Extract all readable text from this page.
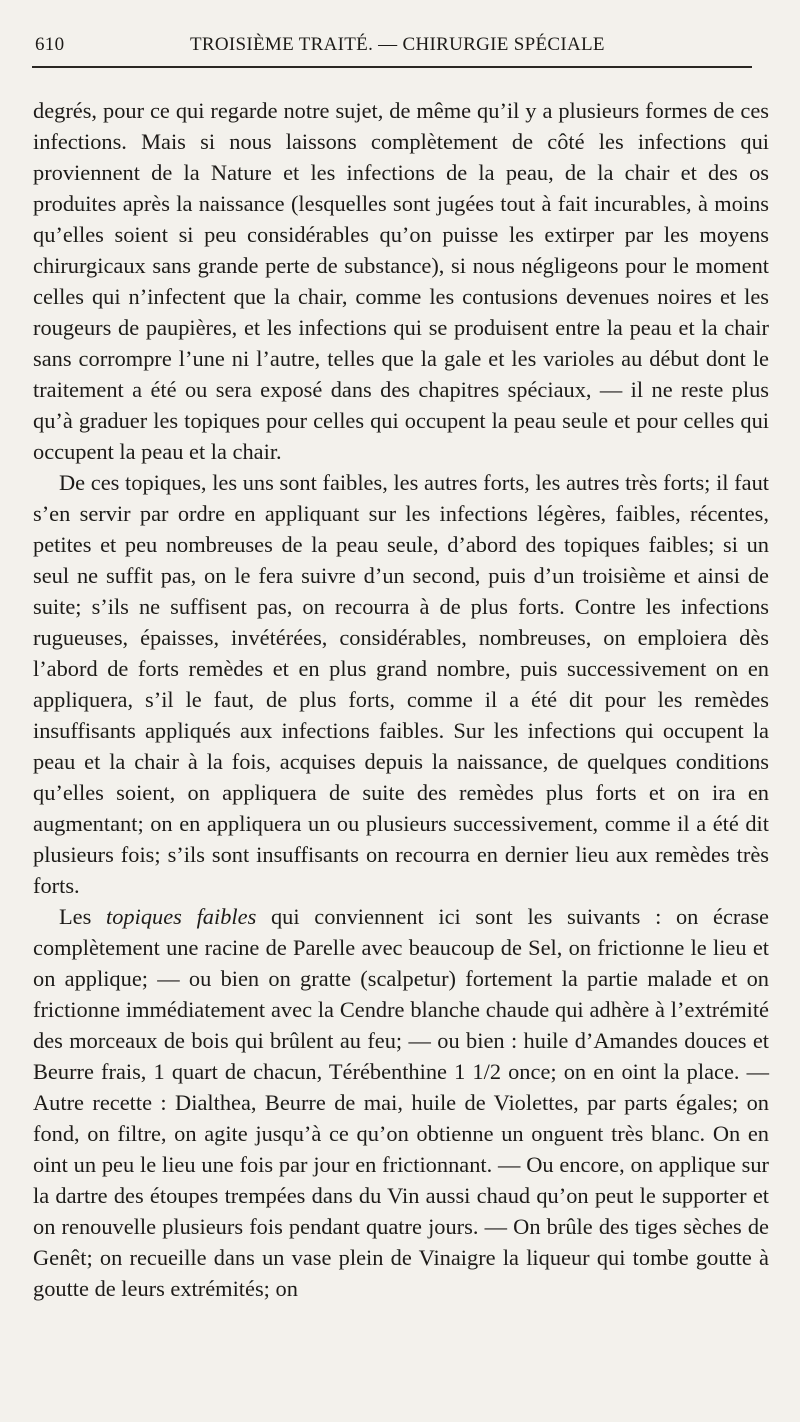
610	TROISIÈME TRAITÉ. — CHIRURGIE SPÉCIALE

degrés, pour ce qui regarde notre sujet, de même qu’il y a plusieurs formes de ces infections. Mais si nous laissons complètement de côté les infections qui proviennent de la Nature et les infections de la peau, de la chair et des os produites après la naissance (lesquelles sont jugées tout à fait incurables, à moins qu’elles soient si peu considérables qu’on puisse les extirper par les moyens chirurgicaux sans grande perte de substance), si nous négligeons pour le moment celles qui n’infectent que la chair, comme les contusions devenues noires et les rougeurs de paupières, et les infections qui se produisent entre la peau et la chair sans corrompre l’une ni l’autre, telles que la gale et les varioles au début dont le traitement a été ou sera exposé dans des chapitres spéciaux, — il ne reste plus qu’à graduer les topiques pour celles qui occupent la peau seule et pour celles qui occupent la peau et la chair.

De ces topiques, les uns sont faibles, les autres forts, les autres très forts; il faut s’en servir par ordre en appliquant sur les infections légères, faibles, récentes, petites et peu nombreuses de la peau seule, d’abord des topiques faibles; si un seul ne suffit pas, on le fera suivre d’un second, puis d’un troisième et ainsi de suite; s’ils ne suffisent pas, on recourra à de plus forts. Contre les infections rugueuses, épaisses, invétérées, considérables, nombreuses, on emploiera dès l’abord de forts remèdes et en plus grand nombre, puis successivement on en appliquera, s’il le faut, de plus forts, comme il a été dit pour les remèdes insuffisants appliqués aux infections faibles. Sur les infections qui occupent la peau et la chair à la fois, acquises depuis la naissance, de quelques conditions qu’elles soient, on appliquera de suite des remèdes plus forts et on ira en augmentant; on en appliquera un ou plusieurs successivement, comme il a été dit plusieurs fois; s’ils sont insuffisants on recourra en dernier lieu aux remèdes très forts.

Les topiques faibles qui conviennent ici sont les suivants : on écrase complètement une racine de Parelle avec beaucoup de Sel, on frictionne le lieu et on applique; — ou bien on gratte (scalpetur) fortement la partie malade et on frictionne immédiatement avec la Cendre blanche chaude qui adhère à l’extrémité des morceaux de bois qui brûlent au feu; — ou bien : huile d’Amandes douces et Beurre frais, 1 quart de chacun, Térébenthine 1 1/2 once; on en oint la place. — Autre recette : Dialthea, Beurre de mai, huile de Violettes, par parts égales; on fond, on filtre, on agite jusqu’à ce qu’on obtienne un onguent très blanc. On en oint un peu le lieu une fois par jour en frictionnant. — Ou encore, on applique sur la dartre des étoupes trempées dans du Vin aussi chaud qu’on peut le supporter et on renouvelle plusieurs fois pendant quatre jours. — On brûle des tiges sèches de Genêt; on recueille dans un vase plein de Vinaigre la liqueur qui tombe goutte à goutte de leurs extrémités; on
